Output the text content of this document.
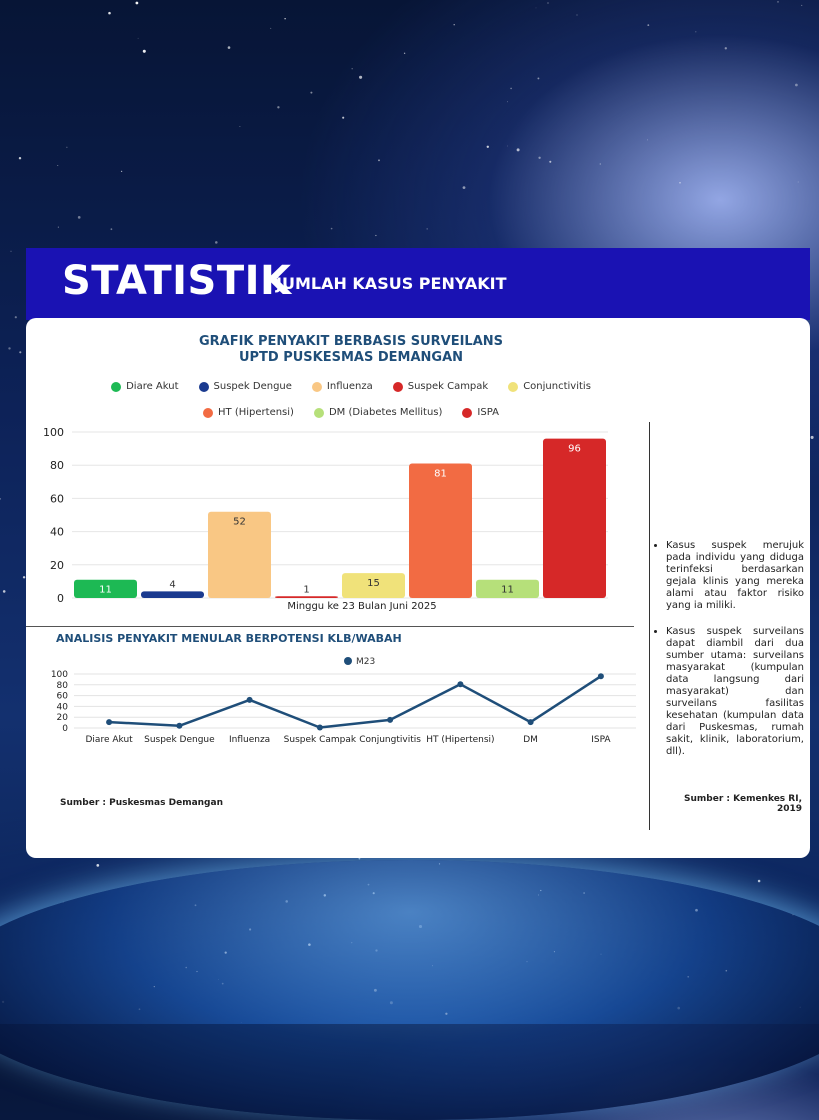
STATISTIK
JUMLAH KASUS PENYAKIT
GRAFIK PENYAKIT BERBASIS SURVEILANS
UPTD PUSKESMAS DEMANGAN
Diare Akut	Suspek Dengue	Influenza	Suspek Campak	Conjunctivitis
HT (Hipertensi)	DM (Diabetes Mellitus)	ISPA
0
20
40
60
80
100
11	4
52
1
15
81
11
96
Minggu ke 23 Bulan Juni 2025
ANALISIS PENYAKIT MENULAR BERPOTENSI KLB/WABAH
M23
0
20
40
60
80
100
Diare Akut Suspek Dengue Influenza Suspek Campak Conjungtivitis HT (Hipertensi)	DM	ISPA
Sumber : Puskesmas Demangan
• Kasus suspek merujuk pada individu yang diduga terinfeksi berdasarkan gejala klinis yang mereka alami atau faktor risiko yang ia miliki.
• Kasus suspek surveilans dapat diambil dari dua sumber utama: surveilans masyarakat (kumpulan data langsung dari masyarakat) dan surveilans fasilitas kesehatan (kumpulan data dari Puskesmas, rumah sakit, klinik, laboratorium, dll).
Sumber : Kemenkes RI, 2019
